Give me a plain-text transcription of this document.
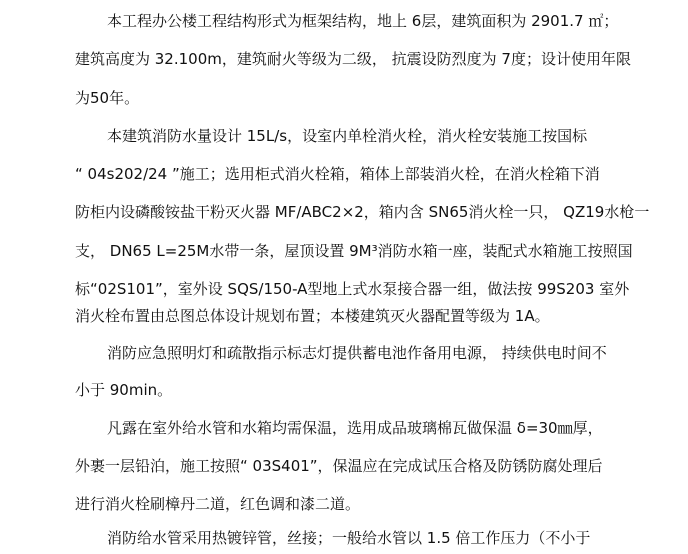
本工程办公楼工程结构形式为框架结构，地上 6层，建筑面积为 2901.7 ㎡；
建筑高度为 32.100m，建筑耐火等级为二级， 抗震设防烈度为 7度；设计使用年限
为50年。
本建筑消防水量设计 15L/s，设室内单栓消火栓，消火栓安装施工按国标
“ 04s202/24 ”施工；选用柜式消火栓箱，箱体上部装消火栓，在消火栓箱下消
防柜内设磷酸铵盐干粉灭火器 MF/ABC2×2，箱内含 SN65消火栓一只， QZ19水枪一
支， DN65 L=25M水带一条，屋顶设置 9M³消防水箱一座，装配式水箱施工按照国
标“02S101”，室外设 SQS/150-A型地上式水泵接合器一组，做法按 99S203 室外
消火栓布置由总图总体设计规划布置；本楼建筑灭火器配置等级为 1A。
消防应急照明灯和疏散指示标志灯提供蓄电池作备用电源， 持续供电时间不
小于 90min。
凡露在室外给水管和水箱均需保温，选用成品玻璃棉瓦做保温 δ=30㎜厚，
外裹一层铅泊，施工按照“ 03S401”，保温应在完成试压合格及防锈防腐处理后
进行消火栓刷樟丹二道，红色调和漆二道。
消防给水管采用热镀锌管，丝接；一般给水管以 1.5 倍工作压力（不小于
